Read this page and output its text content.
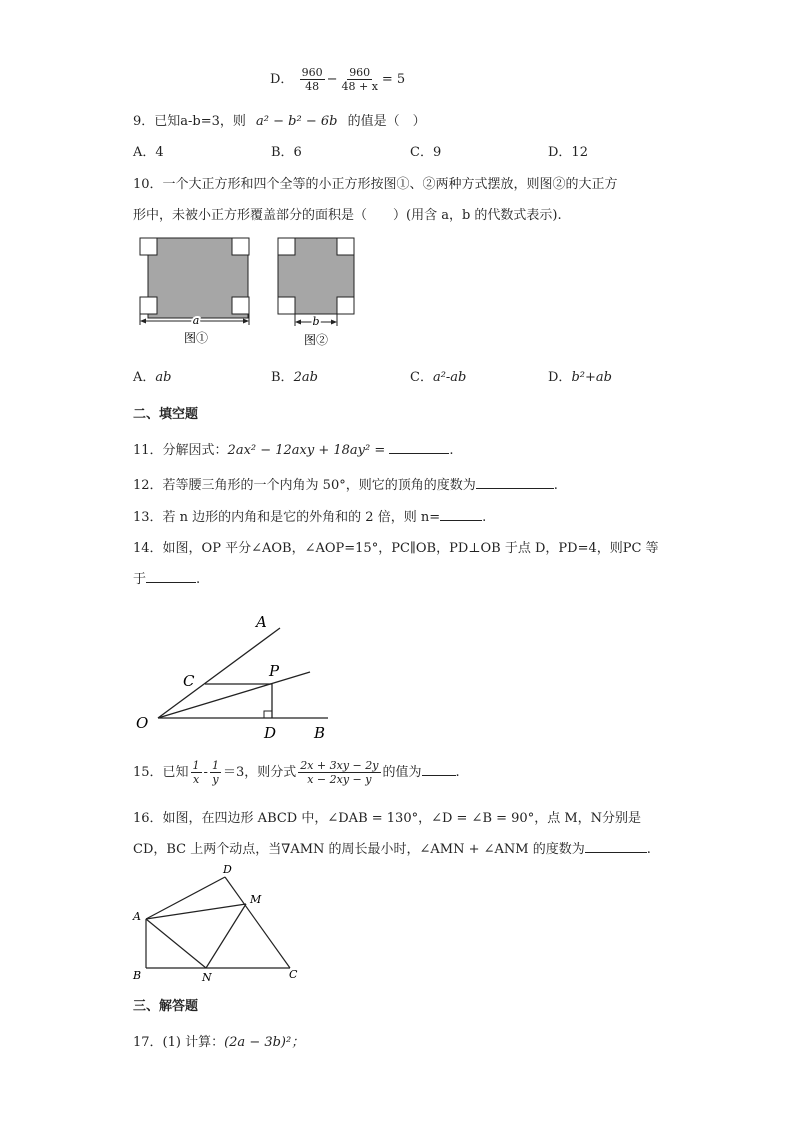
D． $\frac{960}{48} - \frac{960}{48 + x} = 5$
9．已知a-b=3，则 a² − b² − 6b 的值是（　）
A．4	B．6	C．9	D．12
10．一个大正方形和四个全等的小正方形按图①、②两种方式摆放，则图②的大正方
形中，未被小正方形覆盖部分的面积是（　　）(用含 a，b 的代数式表示).
a
图①
b
图②
A．ab	B．2ab	C．a²-ab	D．b²+ab
二、填空题
11．分解因式：2ax² − 12axy + 18ay² =	.
12．若等腰三角形的一个内角为 50°，则它的顶角的度数为	.
13．若 n 边形的内角和是它的外角和的 2 倍，则 n=	.
14．如图，OP 平分∠AOB，∠AOP=15°，PC∥OB，PD⊥OB 于点 D，PD=4，则PC 等
于	.
A
P
C
O
D	B
15．已知 $\frac{1}{x} - \frac{1}{y} =3$，则分式 $\frac{2x + 3xy - 2y}{x - 2xy - y}$ 的值为	.
16．如图，在四边形 ABCD 中，∠DAB = 130°，∠D = ∠B = 90°，点 M，N分别是
CD，BC 上两个动点，当∇AMN 的周长最小时，∠AMN + ∠ANM 的度数为	.
D
M
A
B	N	C
三、解答题
17．(1) 计算：(2a − 3b)²；
